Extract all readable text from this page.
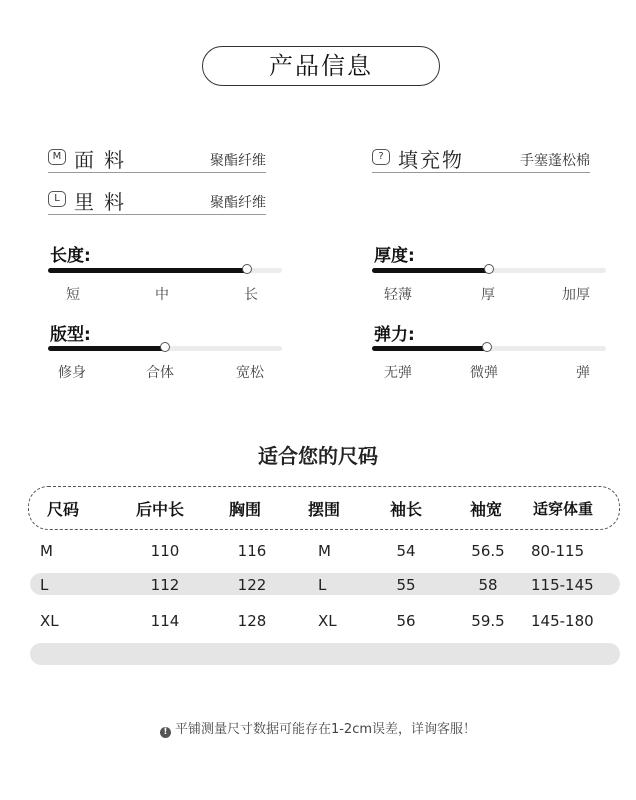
产品信息
M 面料	聚酯纤维
L 里料	聚酯纤维
? 填充物	手塞蓬松棉
长度:
短	中	长
厚度:
轻薄	厚	加厚
版型:
修身	合体	宽松
弹力:
无弹	微弹	弹
适合您的尺码
尺码	后中长	胸围	摆围	袖长	袖宽	适穿体重
M	110	116	M	54	56.5	80-115
L	112	122	L	55	58	115-145
XL	114	128	XL	56	59.5	145-180
! 平铺测量尺寸数据可能存在1-2cm误差，详询客服！
